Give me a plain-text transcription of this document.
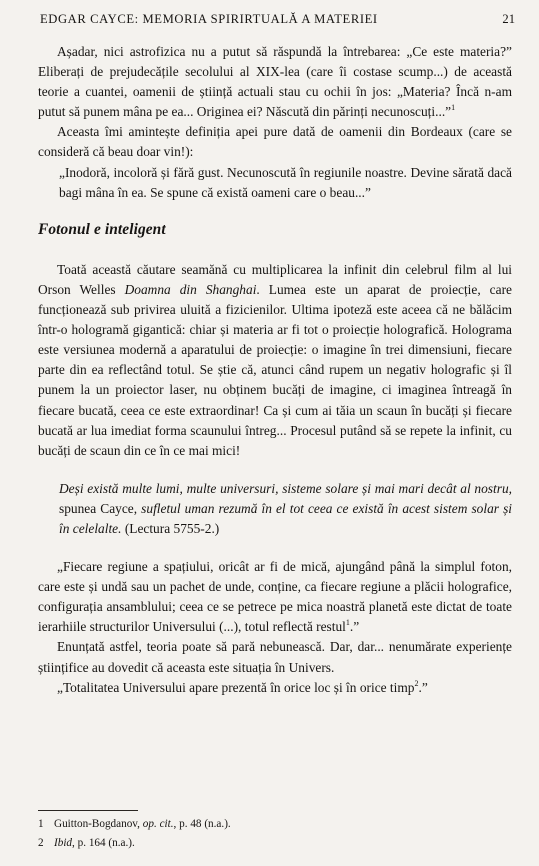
EDGAR CAYCE: MEMORIA SPIRIRTUALĂ A MATERIEI	21

Așadar, nici astrofizica nu a putut să răspundă la întrebarea: „Ce este materia?” Eliberați de prejudecățile secolului al XIX-lea (care îi costase scump...) de această teorie a cuantei, oamenii de știință actuali stau cu ochii în jos: „Materia? Încă n-am putut să punem mâna pe ea... Originea ei? Născută din părinți necunoscuți...”$^1$

Aceasta îmi amintește definiția apei pure dată de oamenii din Bordeaux (care se consideră că beau doar vin!):

„Inodoră, incoloră și fără gust. Necunoscută în regiunile noastre. Devine sărată dacă bagi mâna în ea. Se spune că există oameni care o beau...”

Fotonul e inteligent

Toată această căutare seamănă cu multiplicarea la infinit din celebrul film al lui Orson Welles Doamna din Shanghai. Lumea este un aparat de proiecție, care funcționează sub privirea uluită a fizicienilor. Ultima ipoteză este aceea că ne bălăcim într-o hologramă gigantică: chiar și materia ar fi tot o proiecție holografică. Holograma este versiunea modernă a aparatului de proiecție: o imagine în trei dimensiuni, fiecare parte din ea reflectând totul. Se știe că, atunci când rupem un negativ holografic și îl punem la un proiector laser, nu obținem bucăți de imagine, ci imaginea întreagă în fiecare bucată, ceea ce este extraordinar! Ca și cum ai tăia un scaun în bucăți și fiecare bucată ar lua imediat forma scaunului întreg... Procesul putând să se repete la infinit, cu bucăți de scaun din ce în ce mai mici!

Deși există multe lumi, multe universuri, sisteme solare și mai mari decât al nostru, spunea Cayce, sufletul uman rezumă în el tot ceea ce există în acest sistem solar și în celelalte. (Lectura 5755-2.)

„Fiecare regiune a spațiului, oricât ar fi de mică, ajungând până la simplul foton, care este și undă sau un pachet de unde, conține, ca fiecare regiune a plăcii holografice, configurația ansamblului; ceea ce se petrece pe mica noastră planetă este dictat de toate ierarhiile structurilor Universului (...), totul reflectă restul$^1$.”

Enunțată astfel, teoria poate să pară nebunească. Dar, dar... nenumărate experiențe științifice au dovedit că aceasta este situația în Univers.

„Totalitatea Universului apare prezentă în orice loc și în orice timp$^2$.”

1 Guitton-Bogdanov, op. cit., p. 48 (n.a.).
2 Ibid, p. 164 (n.a.).
